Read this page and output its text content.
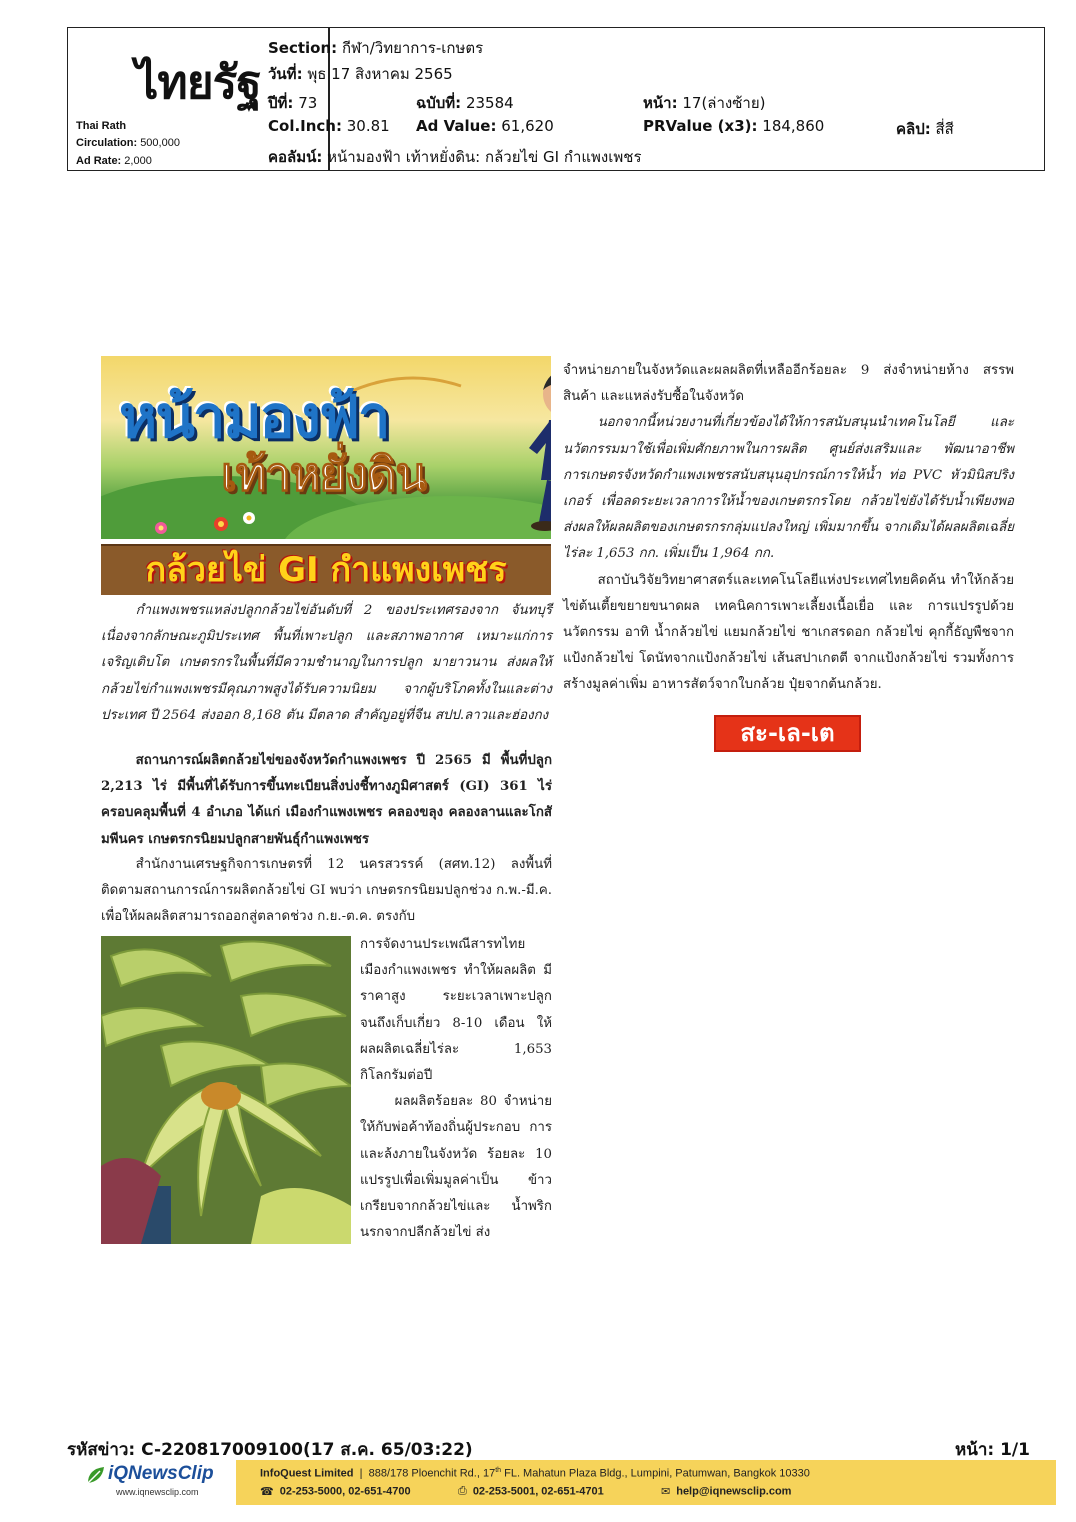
ไทยรัฐ
Thai Rath
Circulation: 500,000
Ad Rate: 2,000
Section: กีฬา/วิทยาการ-เกษตร
วันที่: พุธ 17 สิงหาคม 2565
ปีที่: 73	ฉบับที่: 23584	หน้า: 17(ล่างซ้าย)
Col.Inch: 30.81 Ad Value: 61,620	PRValue (x3): 184,860	คลิป: สี่สี
คอลัมน์: หน้ามองฟ้า เท้าหยั่งดิน: กล้วยไข่ GI กำแพงเพชร
หน้ามองฟ้า
เท้าหยั่งดิน
กล้วยไข่ GI กำแพงเพชร

กำแพงเพชรแหล่งปลูกกล้วยไข่อันดับที่ 2 ของประเทศรองจาก จันทบุรี เนื่องจากลักษณะภูมิประเทศ พื้นที่เพาะปลูก และสภาพอากาศ เหมาะแก่การเจริญเติบโต เกษตรกรในพื้นที่มีความชำนาญในการปลูก มายาวนาน ส่งผลให้กล้วยไข่กำแพงเพชรมีคุณภาพสูงได้รับความนิยม จากผู้บริโภคทั้งในและต่างประเทศ ปี 2564 ส่งออก 8,168 ตัน มีตลาด สำคัญอยู่ที่จีน สปป.ลาวและฮ่องกง

สถานการณ์ผลิตกล้วยไข่ของจังหวัดกำแพงเพชร ปี 2565 มี พื้นที่ปลูก 2,213 ไร่ มีพื้นที่ได้รับการขึ้นทะเบียนสิ่งบ่งชี้ทางภูมิศาสตร์ (GI) 361 ไร่ ครอบคลุมพื้นที่ 4 อำเภอ ได้แก่ เมืองกำแพงเพชร คลองขลุง คลองลานและโกสัมพีนคร เกษตรกรนิยมปลูกสายพันธุ์กำแพงเพชร

สำนักงานเศรษฐกิจการเกษตรที่ 12 นครสวรรค์ (สศท.12) ลงพื้นที่ ติดตามสถานการณ์การผลิตกล้วยไข่ GI พบว่า เกษตรกรนิยมปลูกช่วง ก.พ.-มี.ค. เพื่อให้ผลผลิตสามารถออกสู่ตลาดช่วง ก.ย.-ต.ค. ตรงกับ

การจัดงานประเพณีสารทไทย เมืองกำแพงเพชร ทำให้ผลผลิต มีราคาสูง ระยะเวลาเพาะปลูก จนถึงเก็บเกี่ยว 8-10 เดือน ให้ผลผลิตเฉลี่ยไร่ละ 1,653 กิโลกรัมต่อปี

ผลผลิตร้อยละ 80 จำหน่าย ให้กับพ่อค้าท้องถิ่นผู้ประกอบ การและล้งภายในจังหวัด ร้อยละ 10 แปรรูปเพื่อเพิ่มมูลค่าเป็น ข้าวเกรียบจากกล้วยไข่และ น้ำพริกนรกจากปลีกล้วยไข่ ส่ง

จำหน่ายภายในจังหวัดและผลผลิตที่เหลืออีกร้อยละ 9 ส่งจำหน่ายห้าง สรรพสินค้า และแหล่งรับซื้อในจังหวัด

นอกจากนี้หน่วยงานที่เกี่ยวข้องได้ให้การสนับสนุนนำเทคโนโลยี และนวัตกรรมมาใช้เพื่อเพิ่มศักยภาพในการผลิต ศูนย์ส่งเสริมและ พัฒนาอาชีพการเกษตรจังหวัดกำแพงเพชรสนับสนุนอุปกรณ์การให้น้ำ ท่อ PVC หัวมินิสปริงเกอร์ เพื่อลดระยะเวลาการให้น้ำของเกษตรกรโดย กล้วยไข่ยังได้รับน้ำเพียงพอส่งผลให้ผลผลิตของเกษตรกรกลุ่มแปลงใหญ่ เพิ่มมากขึ้น จากเดิมได้ผลผลิตเฉลี่ยไร่ละ 1,653 กก. เพิ่มเป็น 1,964 กก.

สถาบันวิจัยวิทยาศาสตร์และเทคโนโลยีแห่งประเทศไทยคิดค้น ทำให้กล้วยไข่ต้นเตี้ยขยายขนาดผล เทคนิคการเพาะเลี้ยงเนื้อเยื่อ และ การแปรรูปด้วยนวัตกรรม อาทิ น้ำกล้วยไข่ แยมกล้วยไข่ ชาเกสรดอก กล้วยไข่ คุกกี้ธัญพืชจากแป้งกล้วยไข่ โดนัทจากแป้งกล้วยไข่ เส้นสปาเกตตี จากแป้งกล้วยไข่ รวมทั้งการสร้างมูลค่าเพิ่ม อาหารสัตว์จากใบกล้วย ปุ๋ยจากต้นกล้วย.

สะ-เล-เต
รหัสข่าว: C-220817009100(17 ส.ค. 65/03:22)	หน้า: 1/1
iQNewsClip
www.iqnewsclip.com
InfoQuest Limited  |  888/178 Ploenchit Rd., 17th FL. Mahatun Plaza Bldg., Lumpini, Patumwan, Bangkok 10330
☎ 02-253-5000, 02-651-4700	⎙ 02-253-5001, 02-651-4701	✉ help@iqnewsclip.com
